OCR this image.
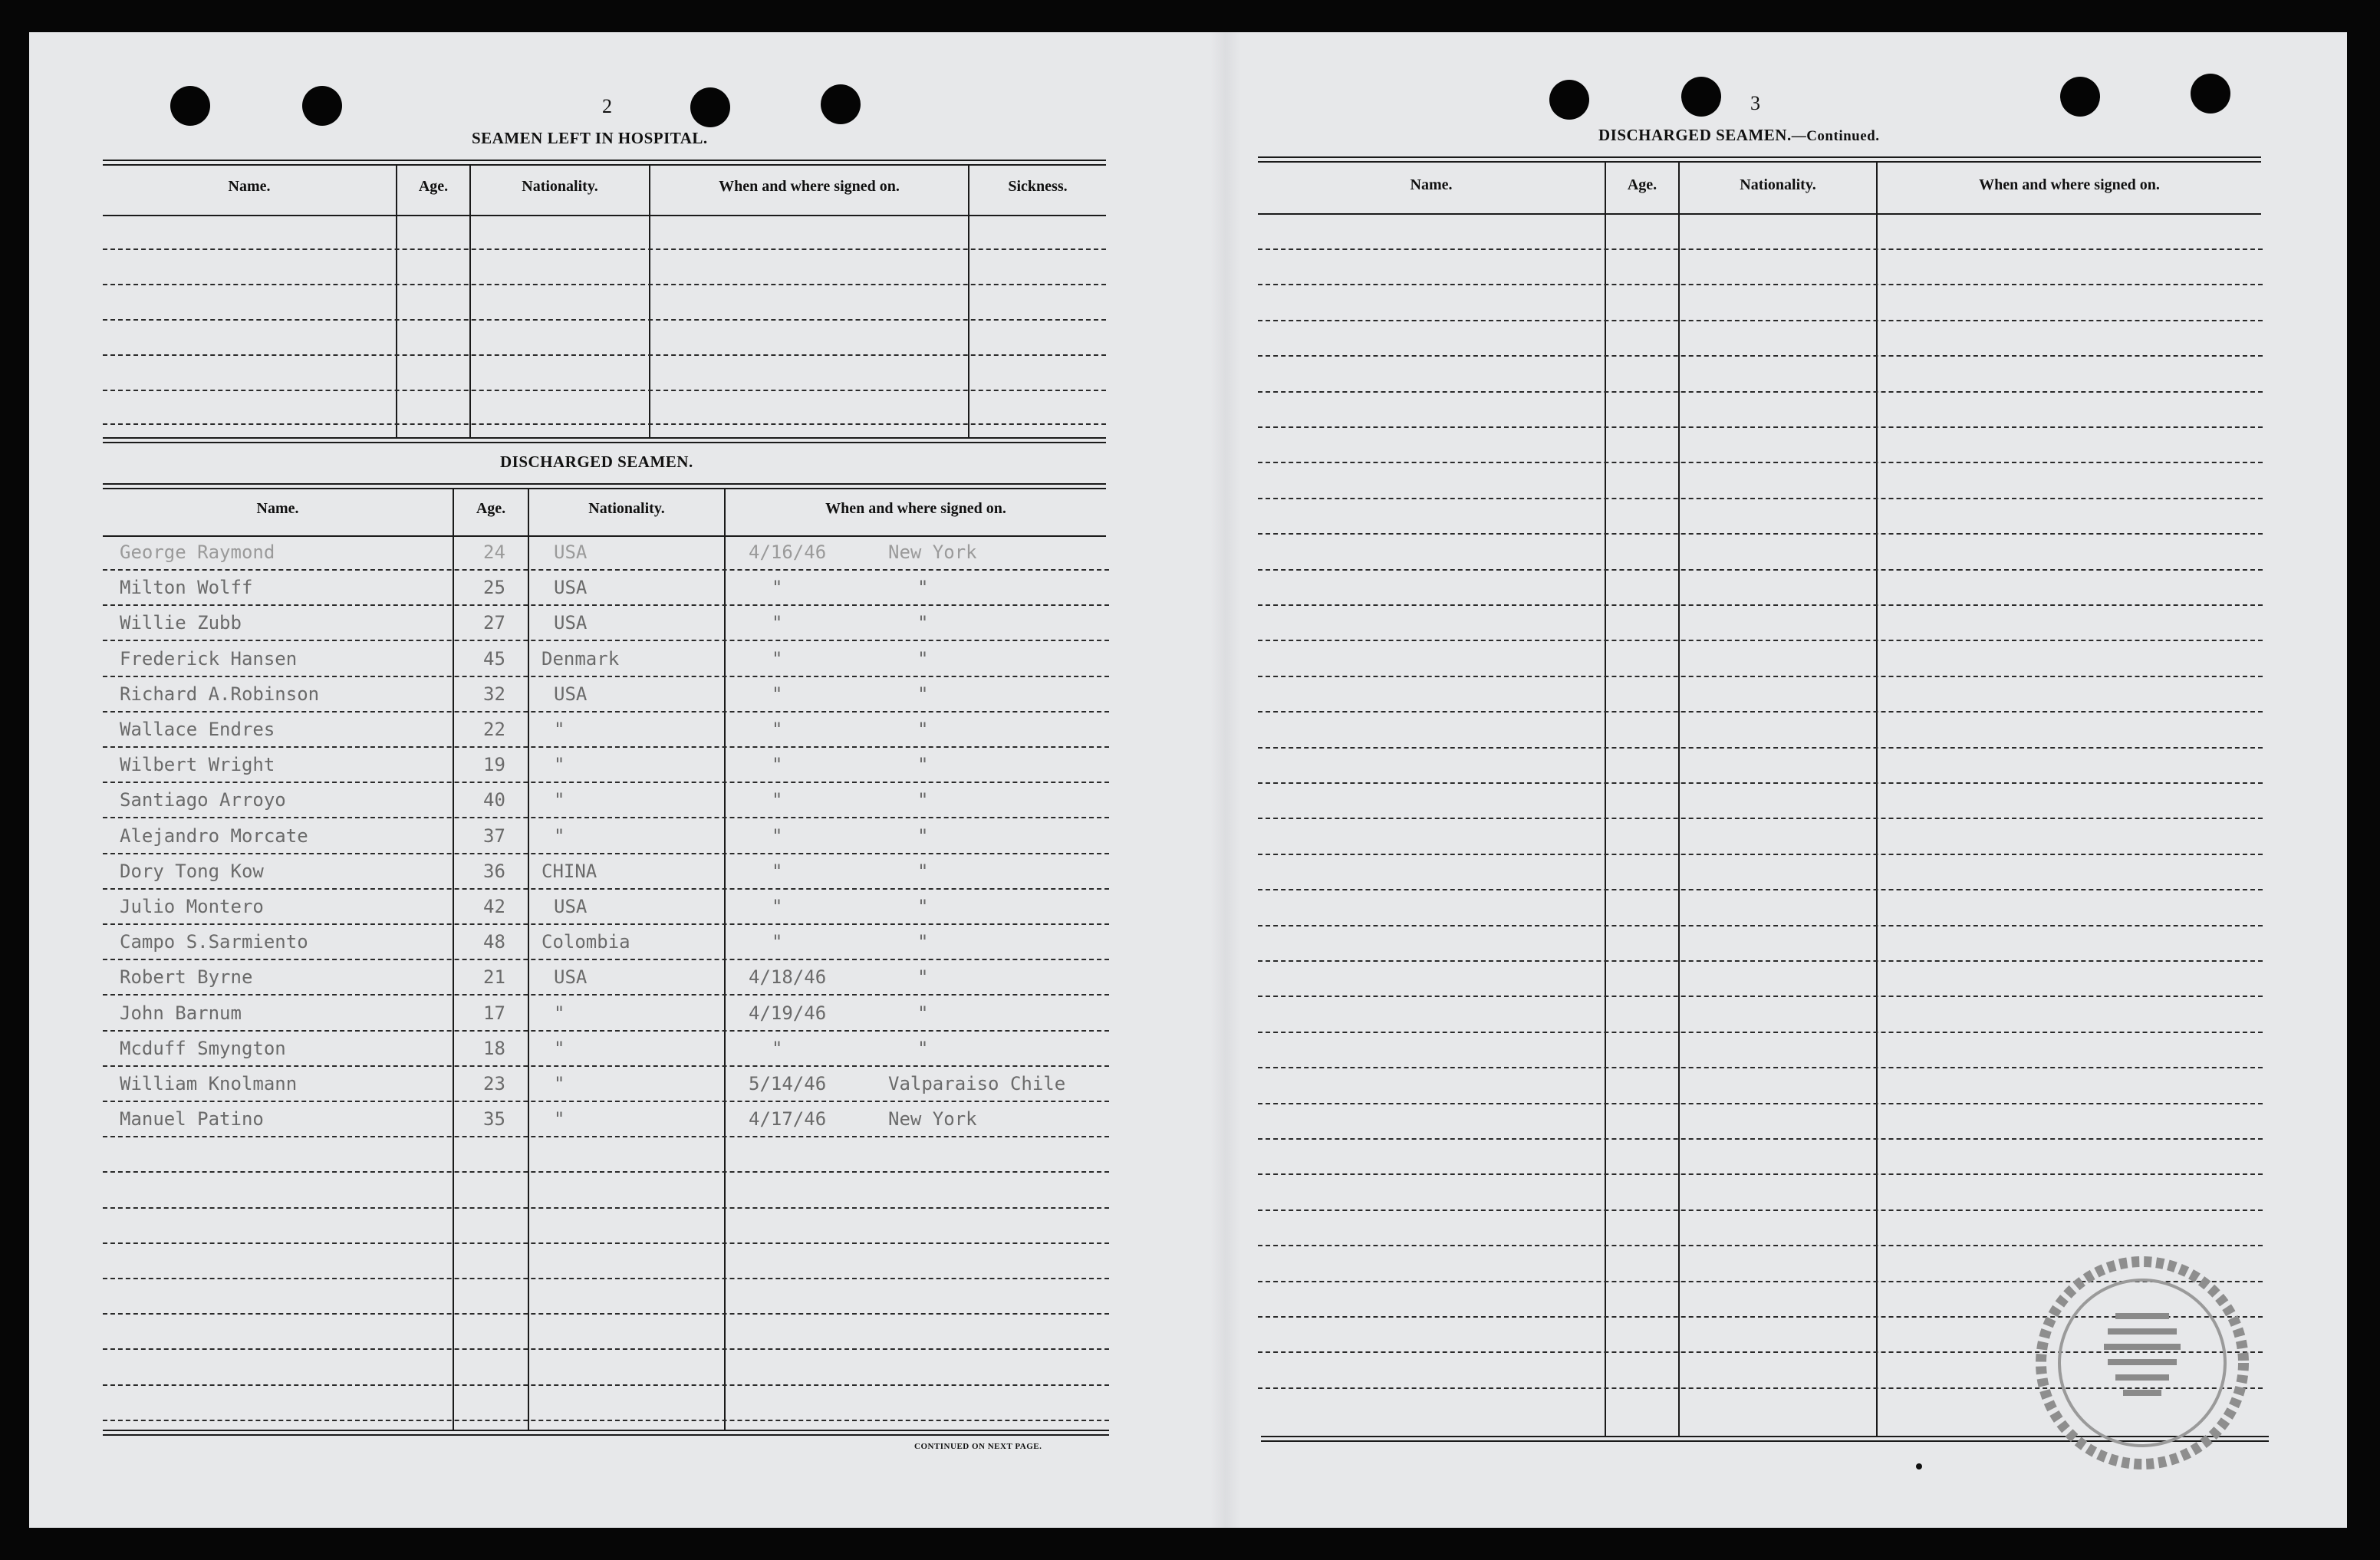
2
SEAMEN LEFT IN HOSPITAL.
Name.	Age.	Nationality.	When and where signed on.	Sickness.
DISCHARGED SEAMEN.
Name.	Age.	Nationality.	When and where signed on.
George Raymond	24	USA	4/16/46	New York
Milton Wolff	25	USA	"	"
Willie Zubb	27	USA	"	"
Frederick Hansen	45 Denmark	"	"
Richard A.Robinson	32	USA	"	"
Wallace Endres	22	"	"	"
Wilbert Wright	19	"	"	"
Santiago Arroyo	40	"	"	"
Alejandro Morcate	37	"	"	"
Dory Tong Kow	36 CHINA	"	"
Julio Montero	42	USA	"	"
Campo S.Sarmiento	48 Colombia	"	"
Robert Byrne	21	USA	4/18/46	"
John Barnum	17	"	4/19/46	"
Mcduff Smyngton	18	"	"	"
William Knolmann	23	"	5/14/46	Valparaiso Chile
Manuel Patino	35	"	4/17/46	New York
CONTINUED ON NEXT PAGE.
3
DISCHARGED SEAMEN.—Continued.
Name.	Age.	Nationality.	When and where signed on.
